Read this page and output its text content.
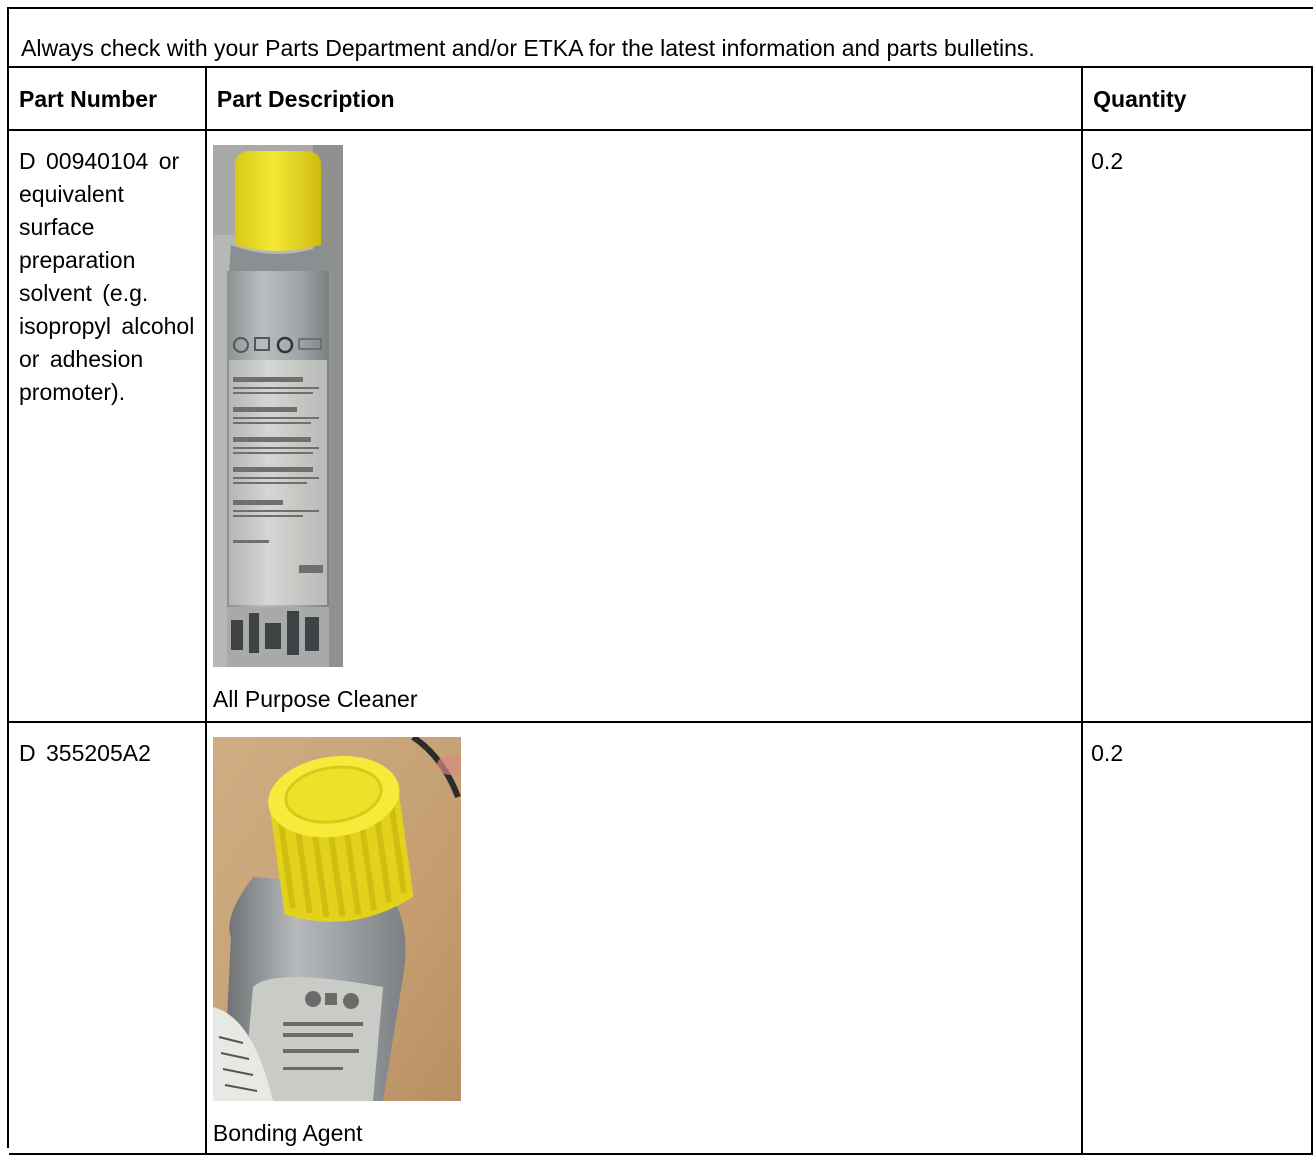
Always check with your Parts Department and/or ETKA for the latest information and parts bulletins.
Part Number	Part Description	Quantity
D 00940104 or equivalent surface preparation solvent (e.g. isopropyl alcohol or adhesion promoter).	All Purpose Cleaner	0.2
D 355205A2	Bonding Agent	0.2
